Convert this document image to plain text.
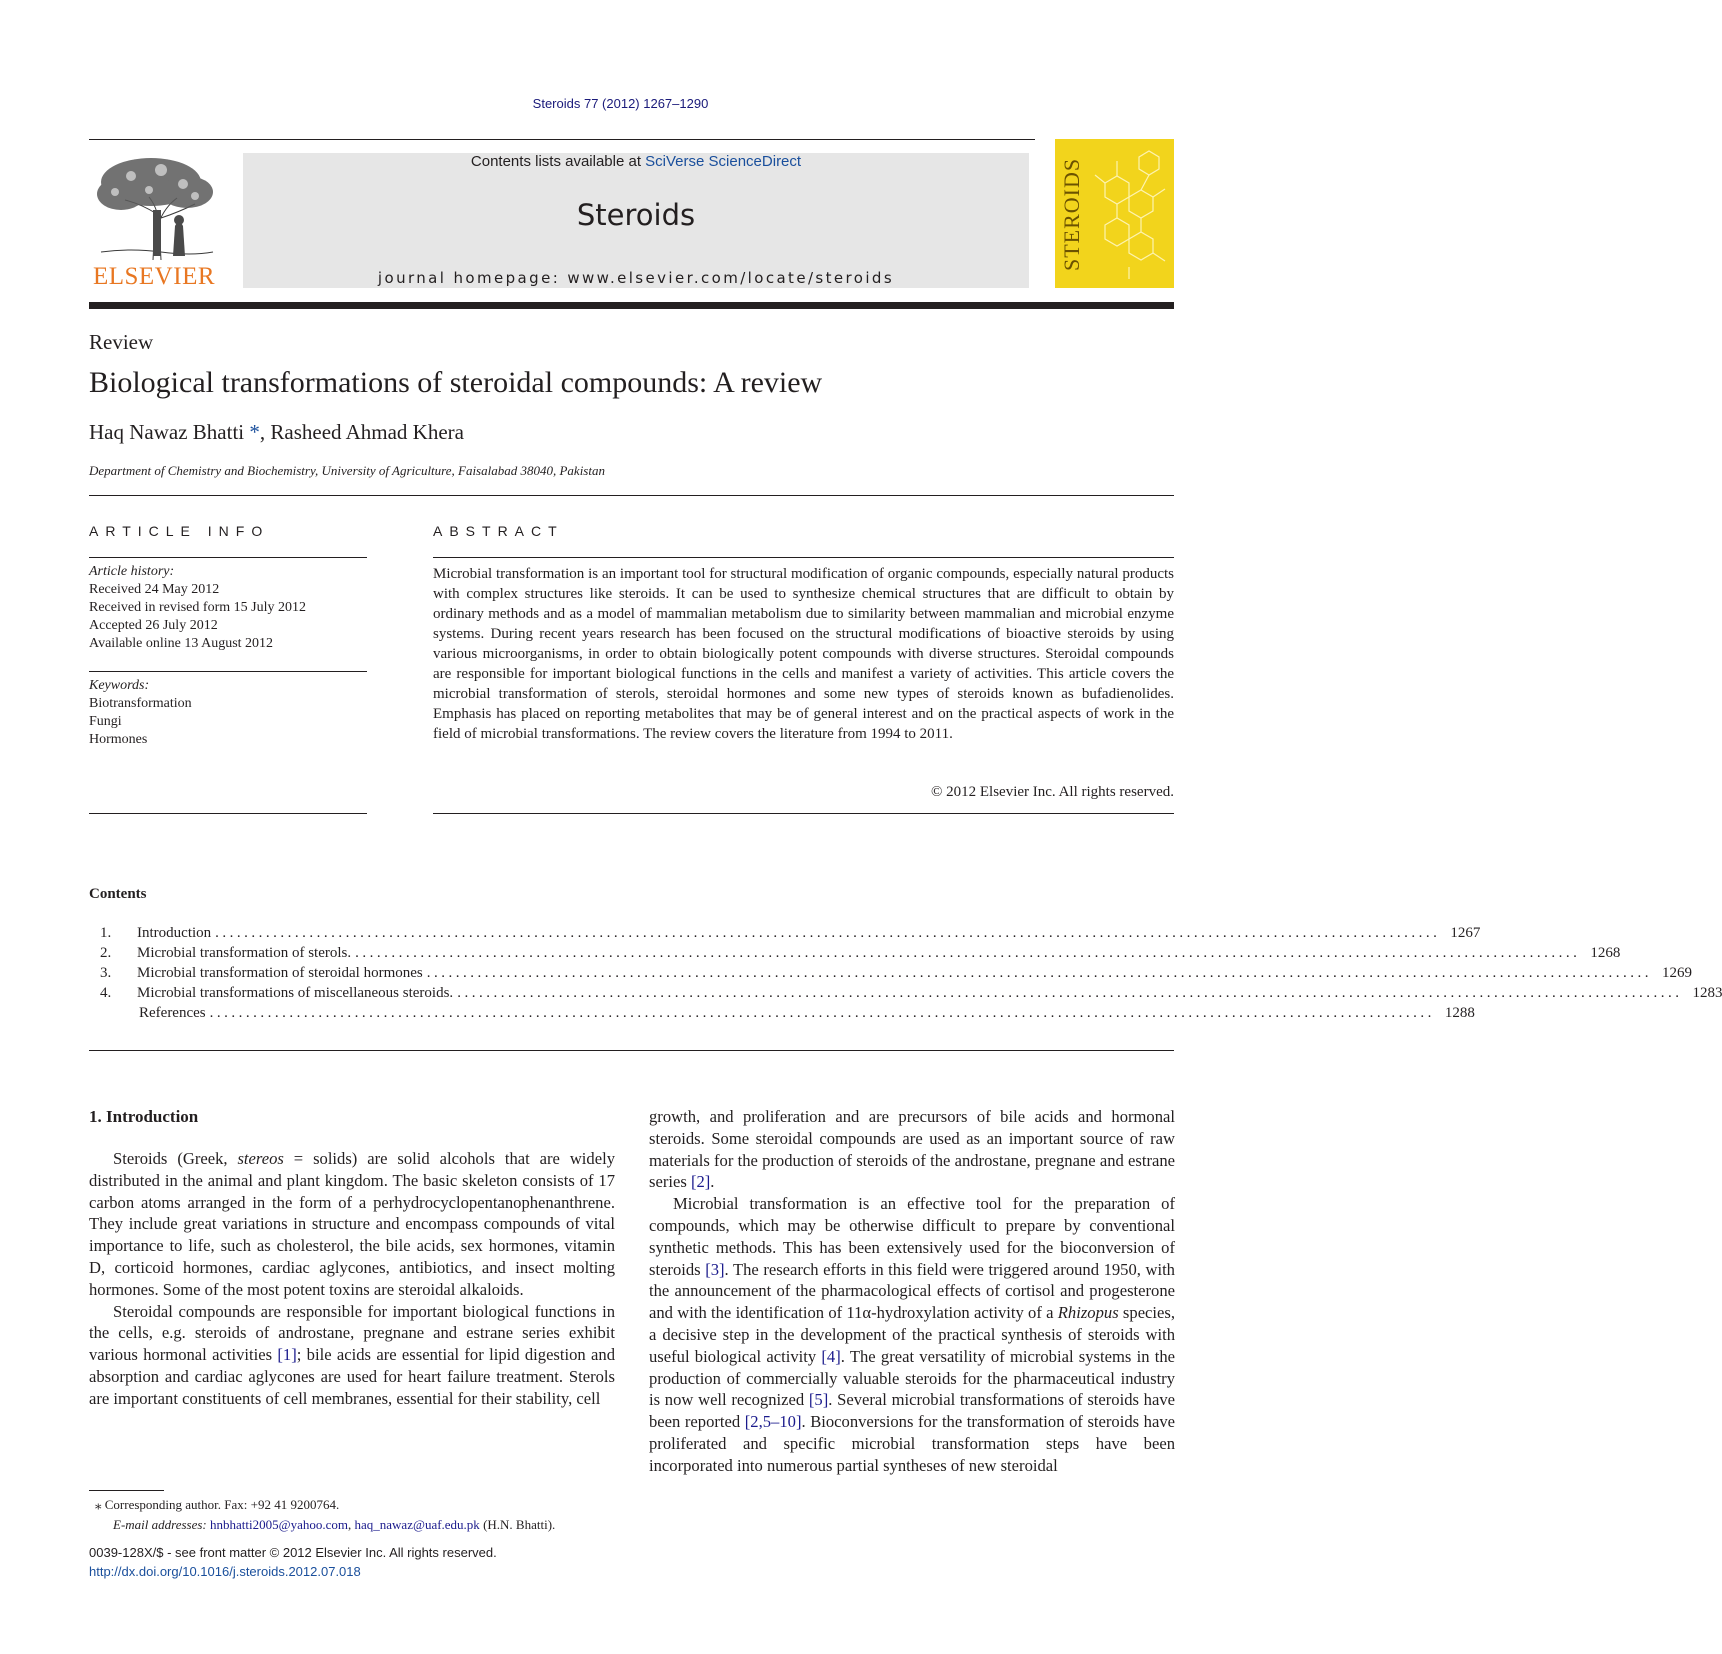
Steroids 77 (2012) 1267–1290
ELSEVIER
Contents lists available at SciVerse ScienceDirect
Steroids
journal homepage: www.elsevier.com/locate/steroids
STEROIDS
Review
Biological transformations of steroidal compounds: A review
Haq Nawaz Bhatti *, Rasheed Ahmad Khera
Department of Chemistry and Biochemistry, University of Agriculture, Faisalabad 38040, Pakistan
ARTICLE INFO
Article history:
Received 24 May 2012
Received in revised form 15 July 2012
Accepted 26 July 2012
Available online 13 August 2012
Keywords:
Biotransformation
Fungi
Hormones
ABSTRACT
Microbial transformation is an important tool for structural modification of organic compounds, especially natural products with complex structures like steroids. It can be used to synthesize chemical structures that are difficult to obtain by ordinary methods and as a model of mammalian metabolism due to similarity between mammalian and microbial enzyme systems. During recent years research has been focused on the structural modifications of bioactive steroids by using various microorganisms, in order to obtain biologically potent compounds with diverse structures. Steroidal compounds are responsible for important biological functions in the cells and manifest a variety of activities. This article covers the microbial transformation of sterols, steroidal hormones and some new types of steroids known as bufadienolides. Emphasis has placed on reporting metabolites that may be of general interest and on the practical aspects of work in the field of microbial transformations. The review covers the literature from 1994 to 2011.
© 2012 Elsevier Inc. All rights reserved.
Contents
1.	Introduction ......................................................................................................................................................................... 1267
2.	Microbial transformation of sterols. ......................................................................................................................................................................... 1268
3.	Microbial transformation of steroidal hormones ......................................................................................................................................................................... 1269
4.	Microbial transformations of miscellaneous steroids. ......................................................................................................................................................................... 1283
References ......................................................................................................................................................................... 1288
1. Introduction

Steroids (Greek, stereos = solids) are solid alcohols that are widely distributed in the animal and plant kingdom. The basic skeleton consists of 17 carbon atoms arranged in the form of a perhydrocyclopentanophenanthrene. They include great variations in structure and encompass compounds of vital importance to life, such as cholesterol, the bile acids, sex hormones, vitamin D, corticoid hormones, cardiac aglycones, antibiotics, and insect molting hormones. Some of the most potent toxins are steroidal alkaloids.

Steroidal compounds are responsible for important biological functions in the cells, e.g. steroids of androstane, pregnane and estrane series exhibit various hormonal activities [1]; bile acids are essential for lipid digestion and absorption and cardiac aglycones are used for heart failure treatment. Sterols are important constituents of cell membranes, essential for their stability, cell

growth, and proliferation and are precursors of bile acids and hormonal steroids. Some steroidal compounds are used as an important source of raw materials for the production of steroids of the androstane, pregnane and estrane series [2].

Microbial transformation is an effective tool for the preparation of compounds, which may be otherwise difficult to prepare by conventional synthetic methods. This has been extensively used for the bioconversion of steroids [3]. The research efforts in this field were triggered around 1950, with the announcement of the pharmacological effects of cortisol and progesterone and with the identification of 11α-hydroxylation activity of a Rhizopus species, a decisive step in the development of the practical synthesis of steroids with useful biological activity [4]. The great versatility of microbial systems in the production of commercially valuable steroids for the pharmaceutical industry is now well recognized [5]. Several microbial transformations of steroids have been reported [2,5–10]. Bioconversions for the transformation of steroids have proliferated and specific microbial transformation steps have been incorporated into numerous partial syntheses of new steroidal

⁎ Corresponding author. Fax: +92 41 9200764.
E-mail addresses: hnbhatti2005@yahoo.com, haq_nawaz@uaf.edu.pk (H.N. Bhatti).
0039-128X/$ - see front matter © 2012 Elsevier Inc. All rights reserved.
http://dx.doi.org/10.1016/j.steroids.2012.07.018
